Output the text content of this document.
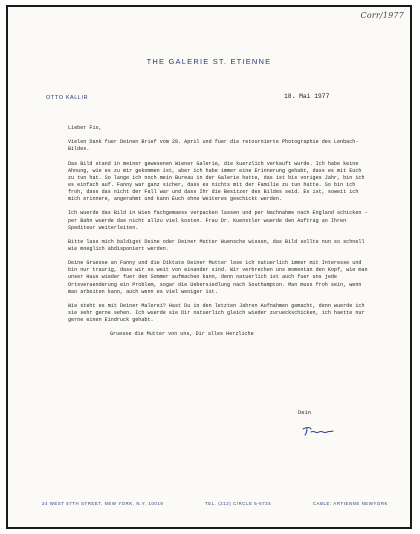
Corr/1977
THE GALERIE ST. ETIENNE
OTTO KALLIR	18. Mai 1977

Lieber Fix,

Vielen Dank fuer Deinen Brief vom 28. April und fuer die retournierte Photographie des Lenbach-Bildes.

Das Bild stand in meiner gewesenen Wiener Galerie, die kuerzlich verkauft wurde. Ich habe keine Ahnung, wie es zu mir gekommen ist, aber ich habe immer eine Erinnerung gehabt, dass es mit Euch zu tun hat. So lange ich noch mein Bureau in der Galerie hatte, das ist bis voriges Jahr, bin ich es einfach auf. Fanny war ganz sicher, dass es nichts mit der Familie zu tun hatte. So bin ich froh, dass das nicht der Fall war und dass Ihr die Besitzer des Bildes seid. Es ist, soweit ich mich erinnere, angerahmt und kann Euch ohne Weiteres geschickt werden.

Ich wuerde das Bild in Wien fachgemaess verpacken lassen und per Nachnahme nach England schicken - per Bahn wuerde das nicht allzu viel kosten. Frau Dr. Kuenstler wuerde den Auftrag an Ihren Spediteur weiterleiten.

Bitte lass mich baldigst Deine oder Deiner Mutter Wuensche wissen, das Bild sollte nun so schnell wie moeglich abdisponiert werden.

Deine Gruesse an Fanny und die Diktate Deiner Mutter lese ich natuerlich immer mit Interesse und bin nur traurig, dass wir so weit von einander sind. Wir verbrechen uns momentan den Kopf, wie man unser Haus wieder fuer den Sommer aufmachen kann, denn natuerlich ist auch fuer uns jede Ortsveraenderung ein Problem, sogar die Uebersiedlung nach Southampton. Man muss froh sein, wenn man arbeiten kann, auch wenn es viel weniger ist.

Wie steht es mit Deiner Malerei? Hast Du in den letzten Jahren Aufnahmen gemacht, denn wuerde ich sie sehr gerne sehen. Ich wuerde sie Dir natuerlich gleich wieder zurueckschicken, ich haette nur gerne einen Eindruck gehabt.

Gruesse die Mutter von uns, Dir alles Herzliche

Dein
24 WEST 57TH STREET, NEW YORK, N.Y. 10019	TEL. (212) CIRCLE 5-6734	CABLE: ARTIENNE NEWYORK
